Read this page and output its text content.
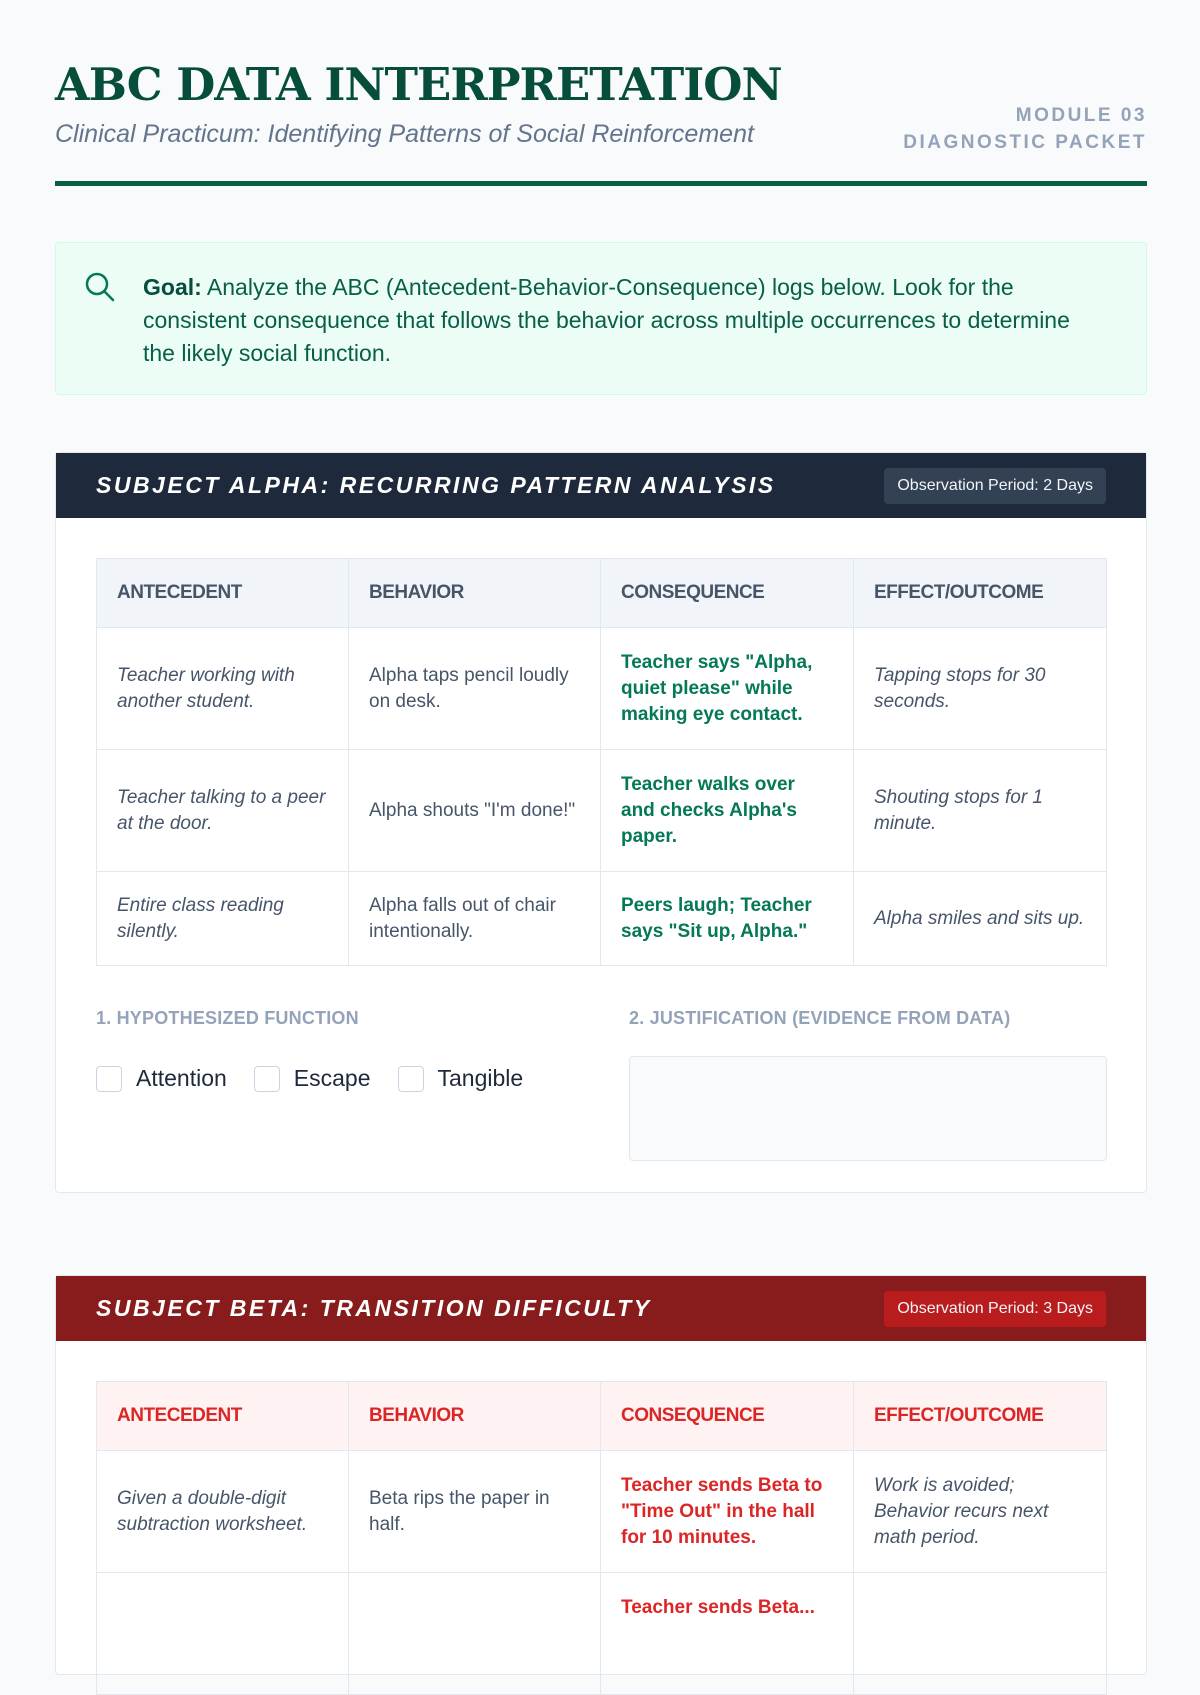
ABC DATA INTERPRETATION
Clinical Practicum: Identifying Patterns of Social Reinforcement
MODULE 03
DIAGNOSTIC PACKET
Goal: Analyze the ABC (Antecedent-Behavior-Consequence) logs below. Look for the consistent consequence that follows the behavior across multiple occurrences to determine the likely social function.
SUBJECT ALPHA: RECURRING PATTERN ANALYSIS	Observation Period: 2 Days
ANTECEDENT	BEHAVIOR	CONSEQUENCE	EFFECT/OUTCOME
Teacher working with another student.	Alpha taps pencil loudly on desk.	Teacher says "Alpha, quiet please" while making eye contact.	Tapping stops for 30 seconds.
Teacher talking to a peer at the door.	Alpha shouts "I'm done!"	Teacher walks over and checks Alpha's paper.	Shouting stops for 1 minute.
Entire class reading silently.	Alpha falls out of chair intentionally.	Peers laugh; Teacher says "Sit up, Alpha."	Alpha smiles and sits up.
1. HYPOTHESIZED FUNCTION	2. JUSTIFICATION (EVIDENCE FROM DATA)
Attention	Escape	Tangible
SUBJECT BETA: TRANSITION DIFFICULTY	Observation Period: 3 Days
ANTECEDENT	BEHAVIOR	CONSEQUENCE	EFFECT/OUTCOME
Given a double-digit subtraction worksheet.	Beta rips the paper in half.	Teacher sends Beta to "Time Out" in the hall for 10 minutes.	Work is avoided; Behavior recurs next math period.
		Teacher sends Beta...	
